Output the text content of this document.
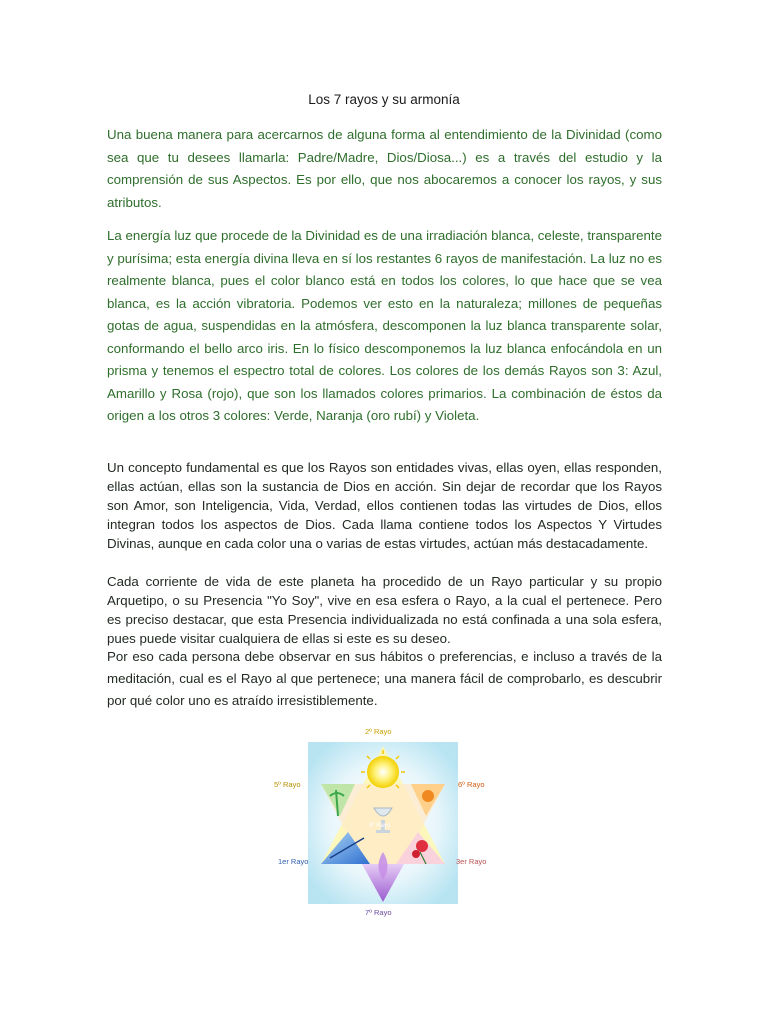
Los 7 rayos y su armonía

Una buena manera para acercarnos de alguna forma al entendimiento de la Divinidad (como sea que tu desees llamarla: Padre/Madre, Dios/Diosa...) es a través del estudio y la comprensión de sus Aspectos. Es por ello, que nos abocaremos a conocer los rayos, y sus atributos.

La energía luz que procede de la Divinidad es de una irradiación blanca, celeste, transparente y purísima; esta energía divina lleva en sí los restantes 6 rayos de manifestación. La luz no es realmente blanca, pues el color blanco está en todos los colores, lo que hace que se vea blanca, es la acción vibratoria. Podemos ver esto en la naturaleza; millones de pequeñas gotas de agua, suspendidas en la atmósfera, descomponen la luz blanca transparente solar, conformando el bello arco iris. En lo físico descomponemos la luz blanca enfocándola en un prisma y tenemos el espectro total de colores. Los colores de los demás Rayos son 3: Azul, Amarillo y Rosa (rojo), que son los llamados colores primarios. La combinación de éstos da origen a los otros 3 colores: Verde, Naranja (oro rubí) y Violeta.

Un concepto fundamental es que los Rayos son entidades vivas, ellas oyen, ellas responden, ellas actúan, ellas son la sustancia de Dios en acción. Sin dejar de recordar que los Rayos son Amor, son Inteligencia, Vida, Verdad, ellos contienen todas las virtudes de Dios, ellos integran todos los aspectos de Dios. Cada llama contiene todos los Aspectos Y Virtudes Divinas, aunque en cada color una o varias de estas virtudes, actúan más destacadamente.

Cada corriente de vida de este planeta ha procedido de un Rayo particular y su propio Arquetipo, o su Presencia "Yo Soy", vive en esa esfera o Rayo, a la cual el pertenece. Pero es preciso destacar, que esta Presencia individualizada no está confinada a una sola esfera, pues puede visitar cualquiera de ellas si este es su deseo.

Por eso cada persona debe observar en sus hábitos o preferencias, e incluso a través de la meditación, cual es el Rayo al que pertenece; una manera fácil de comprobarlo, es descubrir por qué color uno es atraído irresistiblemente.

2º Rayo
5º Rayo	6º Rayo
4º Rayo
1er Rayo	3er Rayo
7º Rayo
